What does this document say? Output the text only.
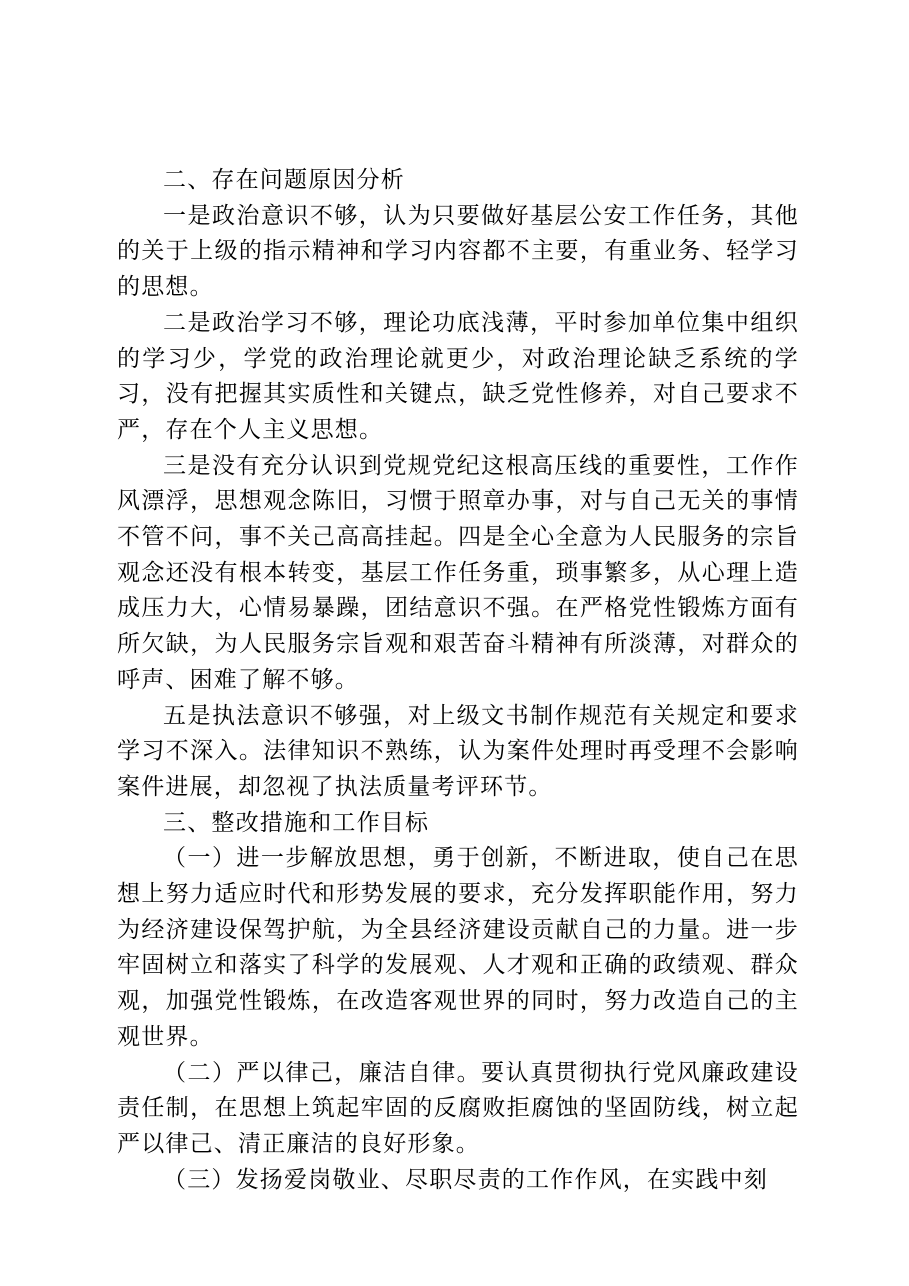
二、存在问题原因分析

一是政治意识不够，认为只要做好基层公安工作任务，其他的关于上级的指示精神和学习内容都不主要，有重业务、轻学习的思想。

二是政治学习不够，理论功底浅薄，平时参加单位集中组织的学习少，学党的政治理论就更少，对政治理论缺乏系统的学习，没有把握其实质性和关键点，缺乏党性修养，对自己要求不严，存在个人主义思想。

三是没有充分认识到党规党纪这根高压线的重要性，工作作风漂浮，思想观念陈旧，习惯于照章办事，对与自己无关的事情不管不问，事不关己高高挂起。四是全心全意为人民服务的宗旨观念还没有根本转变，基层工作任务重，琐事繁多，从心理上造成压力大，心情易暴躁，团结意识不强。在严格党性锻炼方面有所欠缺，为人民服务宗旨观和艰苦奋斗精神有所淡薄，对群众的呼声、困难了解不够。

五是执法意识不够强，对上级文书制作规范有关规定和要求学习不深入。法律知识不熟练，认为案件处理时再受理不会影响案件进展，却忽视了执法质量考评环节。

三、整改措施和工作目标

（一）进一步解放思想，勇于创新，不断进取，使自己在思想上努力适应时代和形势发展的要求，充分发挥职能作用，努力为经济建设保驾护航，为全县经济建设贡献自己的力量。进一步牢固树立和落实了科学的发展观、人才观和正确的政绩观、群众观，加强党性锻炼，在改造客观世界的同时，努力改造自己的主观世界。

（二）严以律己，廉洁自律。要认真贯彻执行党风廉政建设责任制，在思想上筑起牢固的反腐败拒腐蚀的坚固防线，树立起严以律己、清正廉洁的良好形象。

（三）发扬爱岗敬业、尽职尽责的工作作风，在实践中刻
